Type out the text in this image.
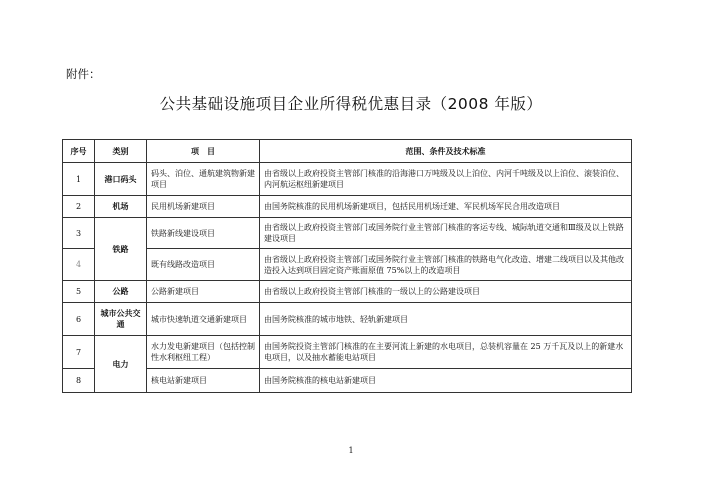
附件：
公共基础设施项目企业所得税优惠目录（2008 年版）
序号	类别	项　目	范围、条件及技术标准
1	港口码头	码头、泊位、通航建筑物新建项目	由省级以上政府投资主管部门核准的沿海港口万吨级及以上泊位、内河千吨级及以上泊位、滚装泊位、内河航运枢纽新建项目
2	机场	民用机场新建项目	由国务院核准的民用机场新建项目，包括民用机场迁建、军民机场军民合用改造项目
3	铁路	铁路新线建设项目	由省级以上政府投资主管部门或国务院行业主管部门核准的客运专线、城际轨道交通和Ⅲ级及以上铁路建设项目
4		既有线路改造项目	由省级以上政府投资主管部门或国务院行业主管部门核准的铁路电气化改造、增建二线项目以及其他改造投入达到项目固定资产账面原值 75%以上的改造项目
5	公路	公路新建项目	由省级以上政府投资主管部门核准的一级以上的公路建设项目
6	城市公共交通	城市快速轨道交通新建项目	由国务院核准的城市地铁、轻轨新建项目
7	电力	水力发电新建项目（包括控制性水利枢纽工程）	由国务院投资主管部门核准的在主要河流上新建的水电项目，总装机容量在 25 万千瓦及以上的新建水电项目，以及抽水蓄能电站项目
8		核电站新建项目	由国务院核准的核电站新建项目
1
